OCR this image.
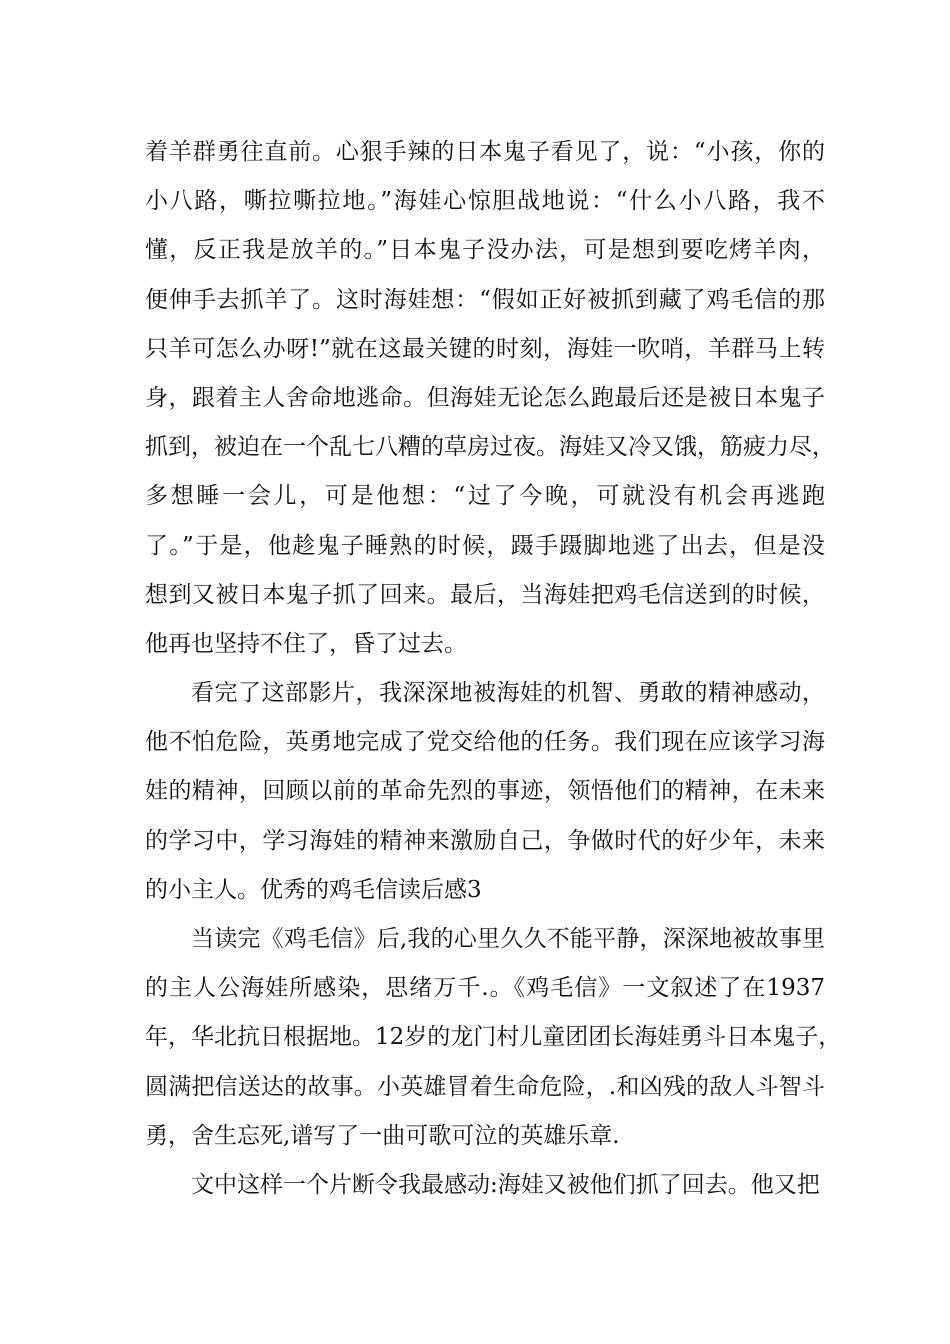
着羊群勇往直前。心狠手辣的日本鬼子看见了，说：“小孩，你的
小八路，嘶拉嘶拉地。”海娃心惊胆战地说：“什么小八路，我不
懂，反正我是放羊的。”日本鬼子没办法，可是想到要吃烤羊肉，
便伸手去抓羊了。这时海娃想：“假如正好被抓到藏了鸡毛信的那
只羊可怎么办呀!”就在这最关键的时刻，海娃一吹哨，羊群马上转
身，跟着主人舍命地逃命。但海娃无论怎么跑最后还是被日本鬼子
抓到，被迫在一个乱七八糟的草房过夜。海娃又冷又饿，筋疲力尽，
多想睡一会儿，可是他想：“过了今晚，可就没有机会再逃跑
了。”于是，他趁鬼子睡熟的时候，蹑手蹑脚地逃了出去，但是没
想到又被日本鬼子抓了回来。最后，当海娃把鸡毛信送到的时候，
他再也坚持不住了，昏了过去。
看完了这部影片，我深深地被海娃的机智、勇敢的精神感动，
他不怕危险，英勇地完成了党交给他的任务。我们现在应该学习海
娃的精神，回顾以前的革命先烈的事迹，领悟他们的精神，在未来
的学习中，学习海娃的精神来激励自己，争做时代的好少年，未来
的小主人。优秀的鸡毛信读后感3
当读完《鸡毛信》后,我的心里久久不能平静，深深地被故事里
的主人公海娃所感染，思绪万千.。《鸡毛信》一文叙述了在1937
年，华北抗日根据地。12岁的龙门村儿童团团长海娃勇斗日本鬼子，
圆满把信送达的故事。小英雄冒着生命危险，.和凶残的敌人斗智斗
勇，舍生忘死,谱写了一曲可歌可泣的英雄乐章.
文中这样一个片断令我最感动:海娃又被他们抓了回去。他又把
